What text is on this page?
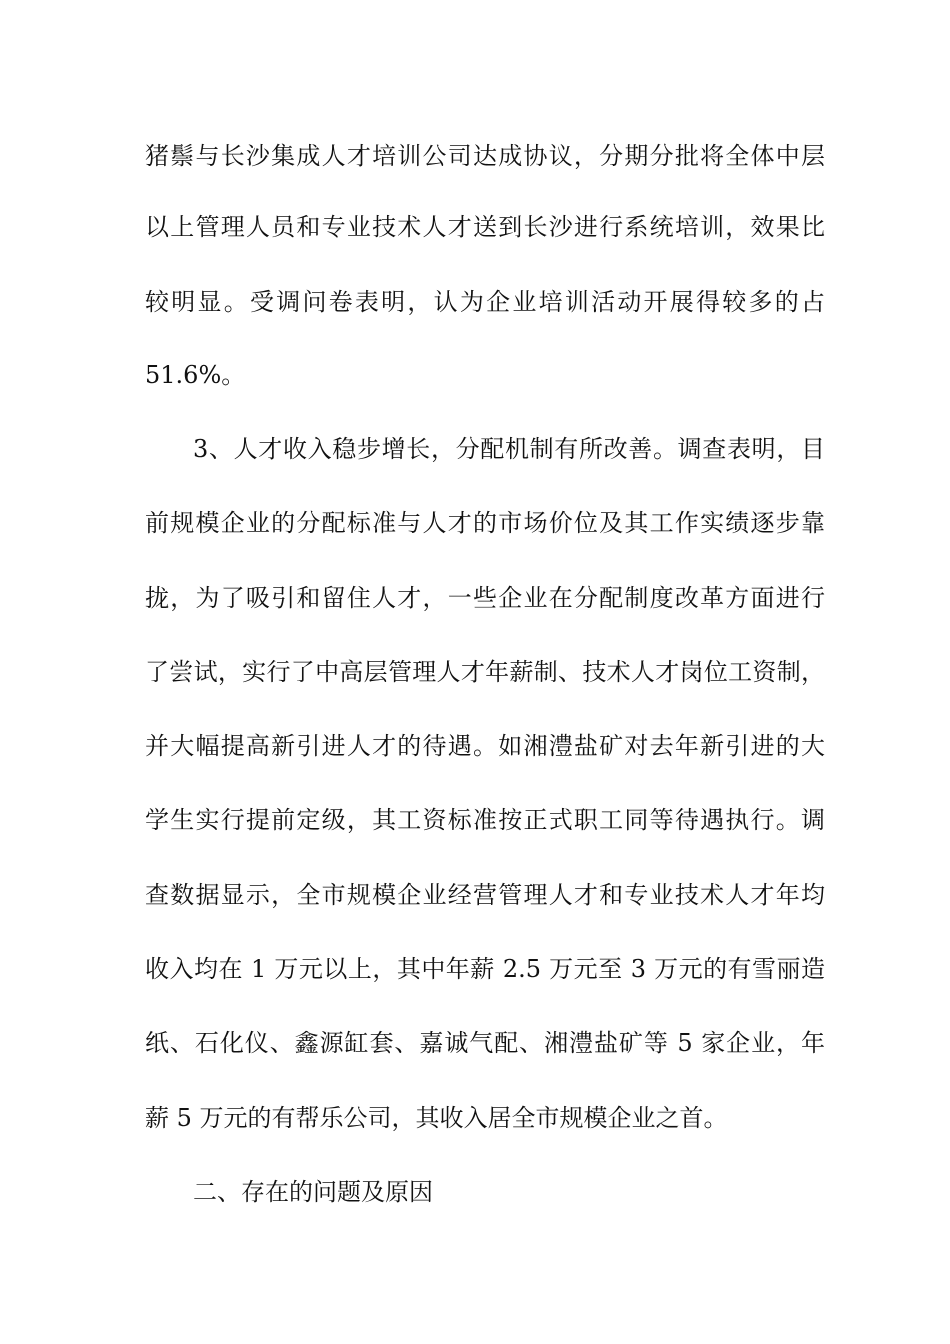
猪鬃与长沙集成人才培训公司达成协议，分期分批将全体中层
以上管理人员和专业技术人才送到长沙进行系统培训，效果比
较明显。受调问卷表明，认为企业培训活动开展得较多的占
51.6%。
3、人才收入稳步增长，分配机制有所改善。调查表明，目
前规模企业的分配标准与人才的市场价位及其工作实绩逐步靠
拢，为了吸引和留住人才，一些企业在分配制度改革方面进行
了尝试，实行了中高层管理人才年薪制、技术人才岗位工资制，
并大幅提高新引进人才的待遇。如湘澧盐矿对去年新引进的大
学生实行提前定级，其工资标准按正式职工同等待遇执行。调
查数据显示，全市规模企业经营管理人才和专业技术人才年均
收入均在 1 万元以上，其中年薪 2.5 万元至 3 万元的有雪丽造
纸、石化仪、鑫源缸套、嘉诚气配、湘澧盐矿等 5 家企业，年
薪 5 万元的有帮乐公司，其收入居全市规模企业之首。
二、存在的问题及原因
